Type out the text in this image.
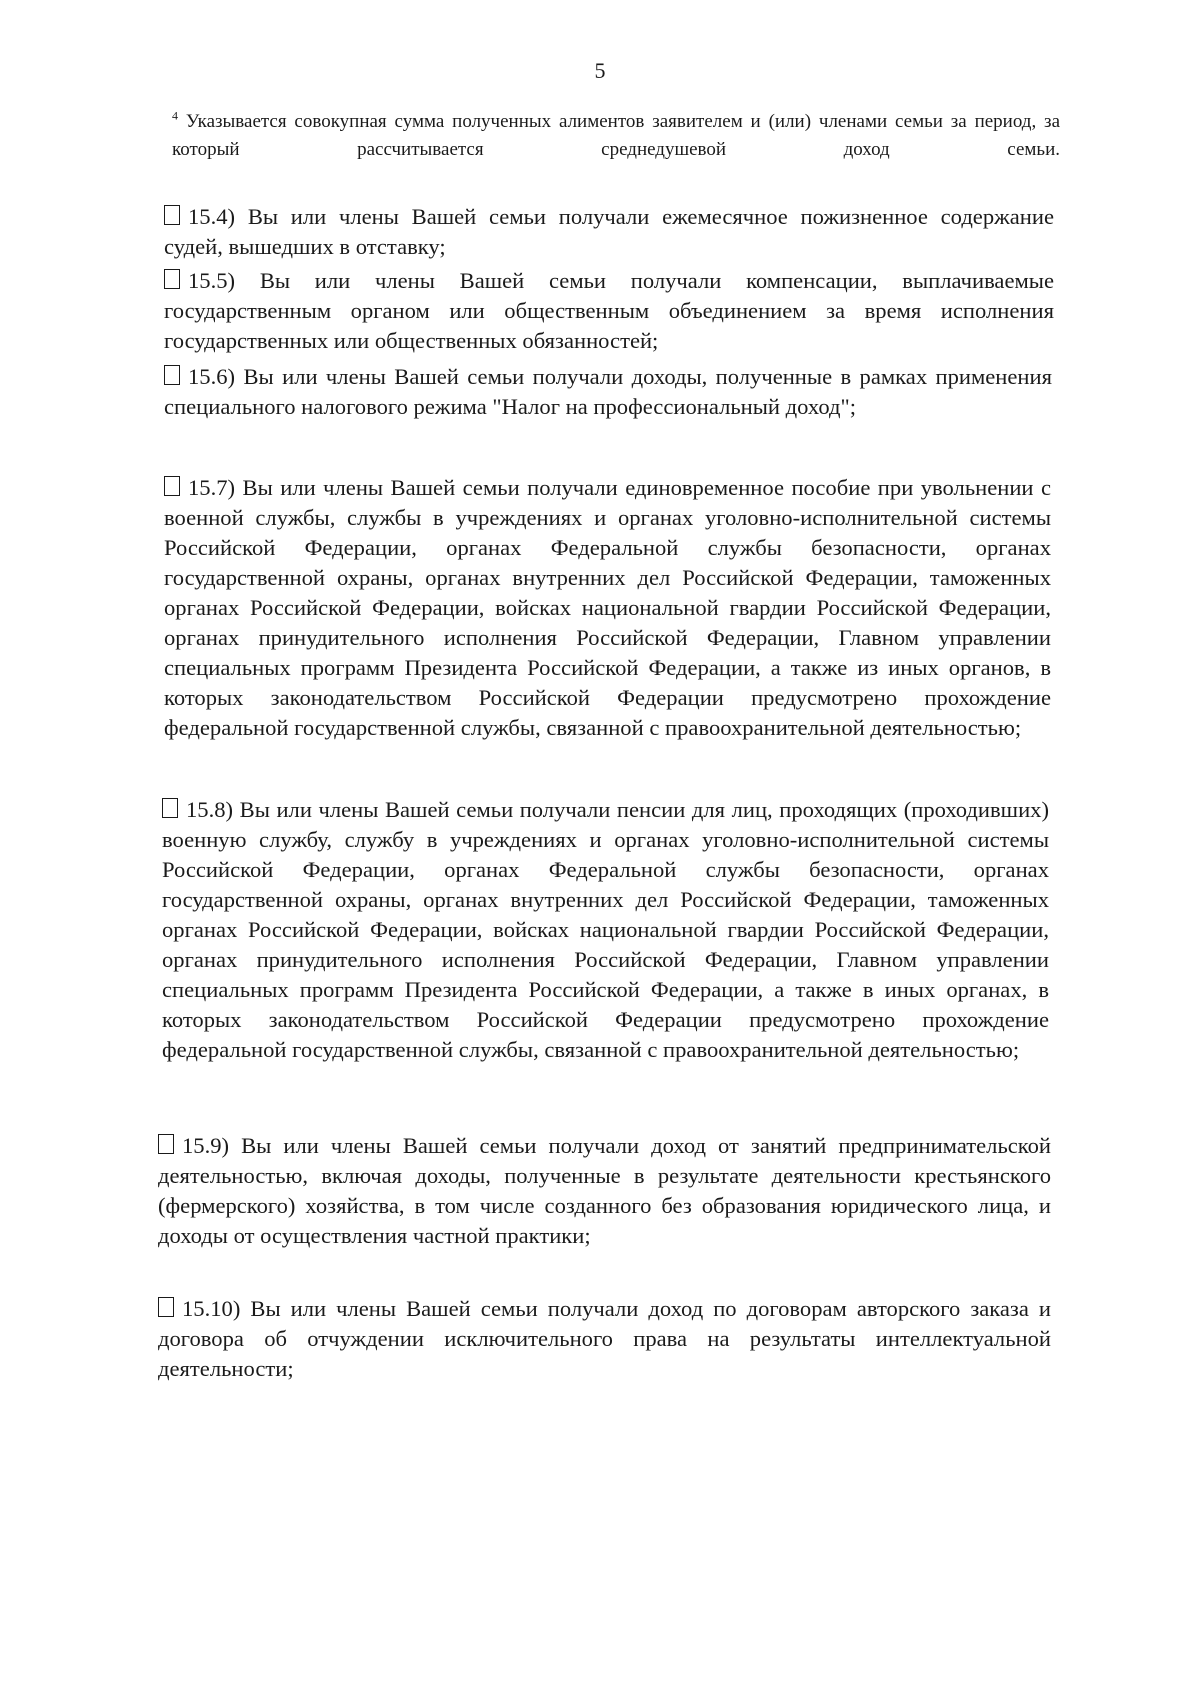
5
$^4$ Указывается совокупная сумма полученных алиментов заявителем и (или) членами семьи за период, за который рассчитывается среднедушевой доход семьи.
15.4) Вы или члены Вашей семьи получали ежемесячное пожизненное содержание судей, вышедших в отставку;
15.5) Вы или члены Вашей семьи получали компенсации, выплачиваемые государственным органом или общественным объединением за время исполнения государственных или общественных обязанностей;
15.6) Вы или члены Вашей семьи получали доходы, полученные в рамках применения специального налогового режима "Налог на профессиональный доход";
15.7) Вы или члены Вашей семьи получали единовременное пособие при увольнении с военной службы, службы в учреждениях и органах уголовно-исполнительной системы Российской Федерации, органах Федеральной службы безопасности, органах государственной охраны, органах внутренних дел Российской Федерации, таможенных органах Российской Федерации, войсках национальной гвардии Российской Федерации, органах принудительного исполнения Российской Федерации, Главном управлении специальных программ Президента Российской Федерации, а также из иных органов, в которых законодательством Российской Федерации предусмотрено прохождение федеральной государственной службы, связанной с правоохранительной деятельностью;
15.8) Вы или члены Вашей семьи получали пенсии для лиц, проходящих (проходивших) военную службу, службу в учреждениях и органах уголовно-исполнительной системы Российской Федерации, органах Федеральной службы безопасности, органах государственной охраны, органах внутренних дел Российской Федерации, таможенных органах Российской Федерации, войсках национальной гвардии Российской Федерации, органах принудительного исполнения Российской Федерации, Главном управлении специальных программ Президента Российской Федерации, а также в иных органах, в которых законодательством Российской Федерации предусмотрено прохождение федеральной государственной службы, связанной с правоохранительной деятельностью;
15.9) Вы или члены Вашей семьи получали доход от занятий предпринимательской деятельностью, включая доходы, полученные в результате деятельности крестьянского (фермерского) хозяйства, в том числе созданного без образования юридического лица, и доходы от осуществления частной практики;
15.10) Вы или члены Вашей семьи получали доход по договорам авторского заказа и договора об отчуждении исключительного права на результаты интеллектуальной деятельности;
